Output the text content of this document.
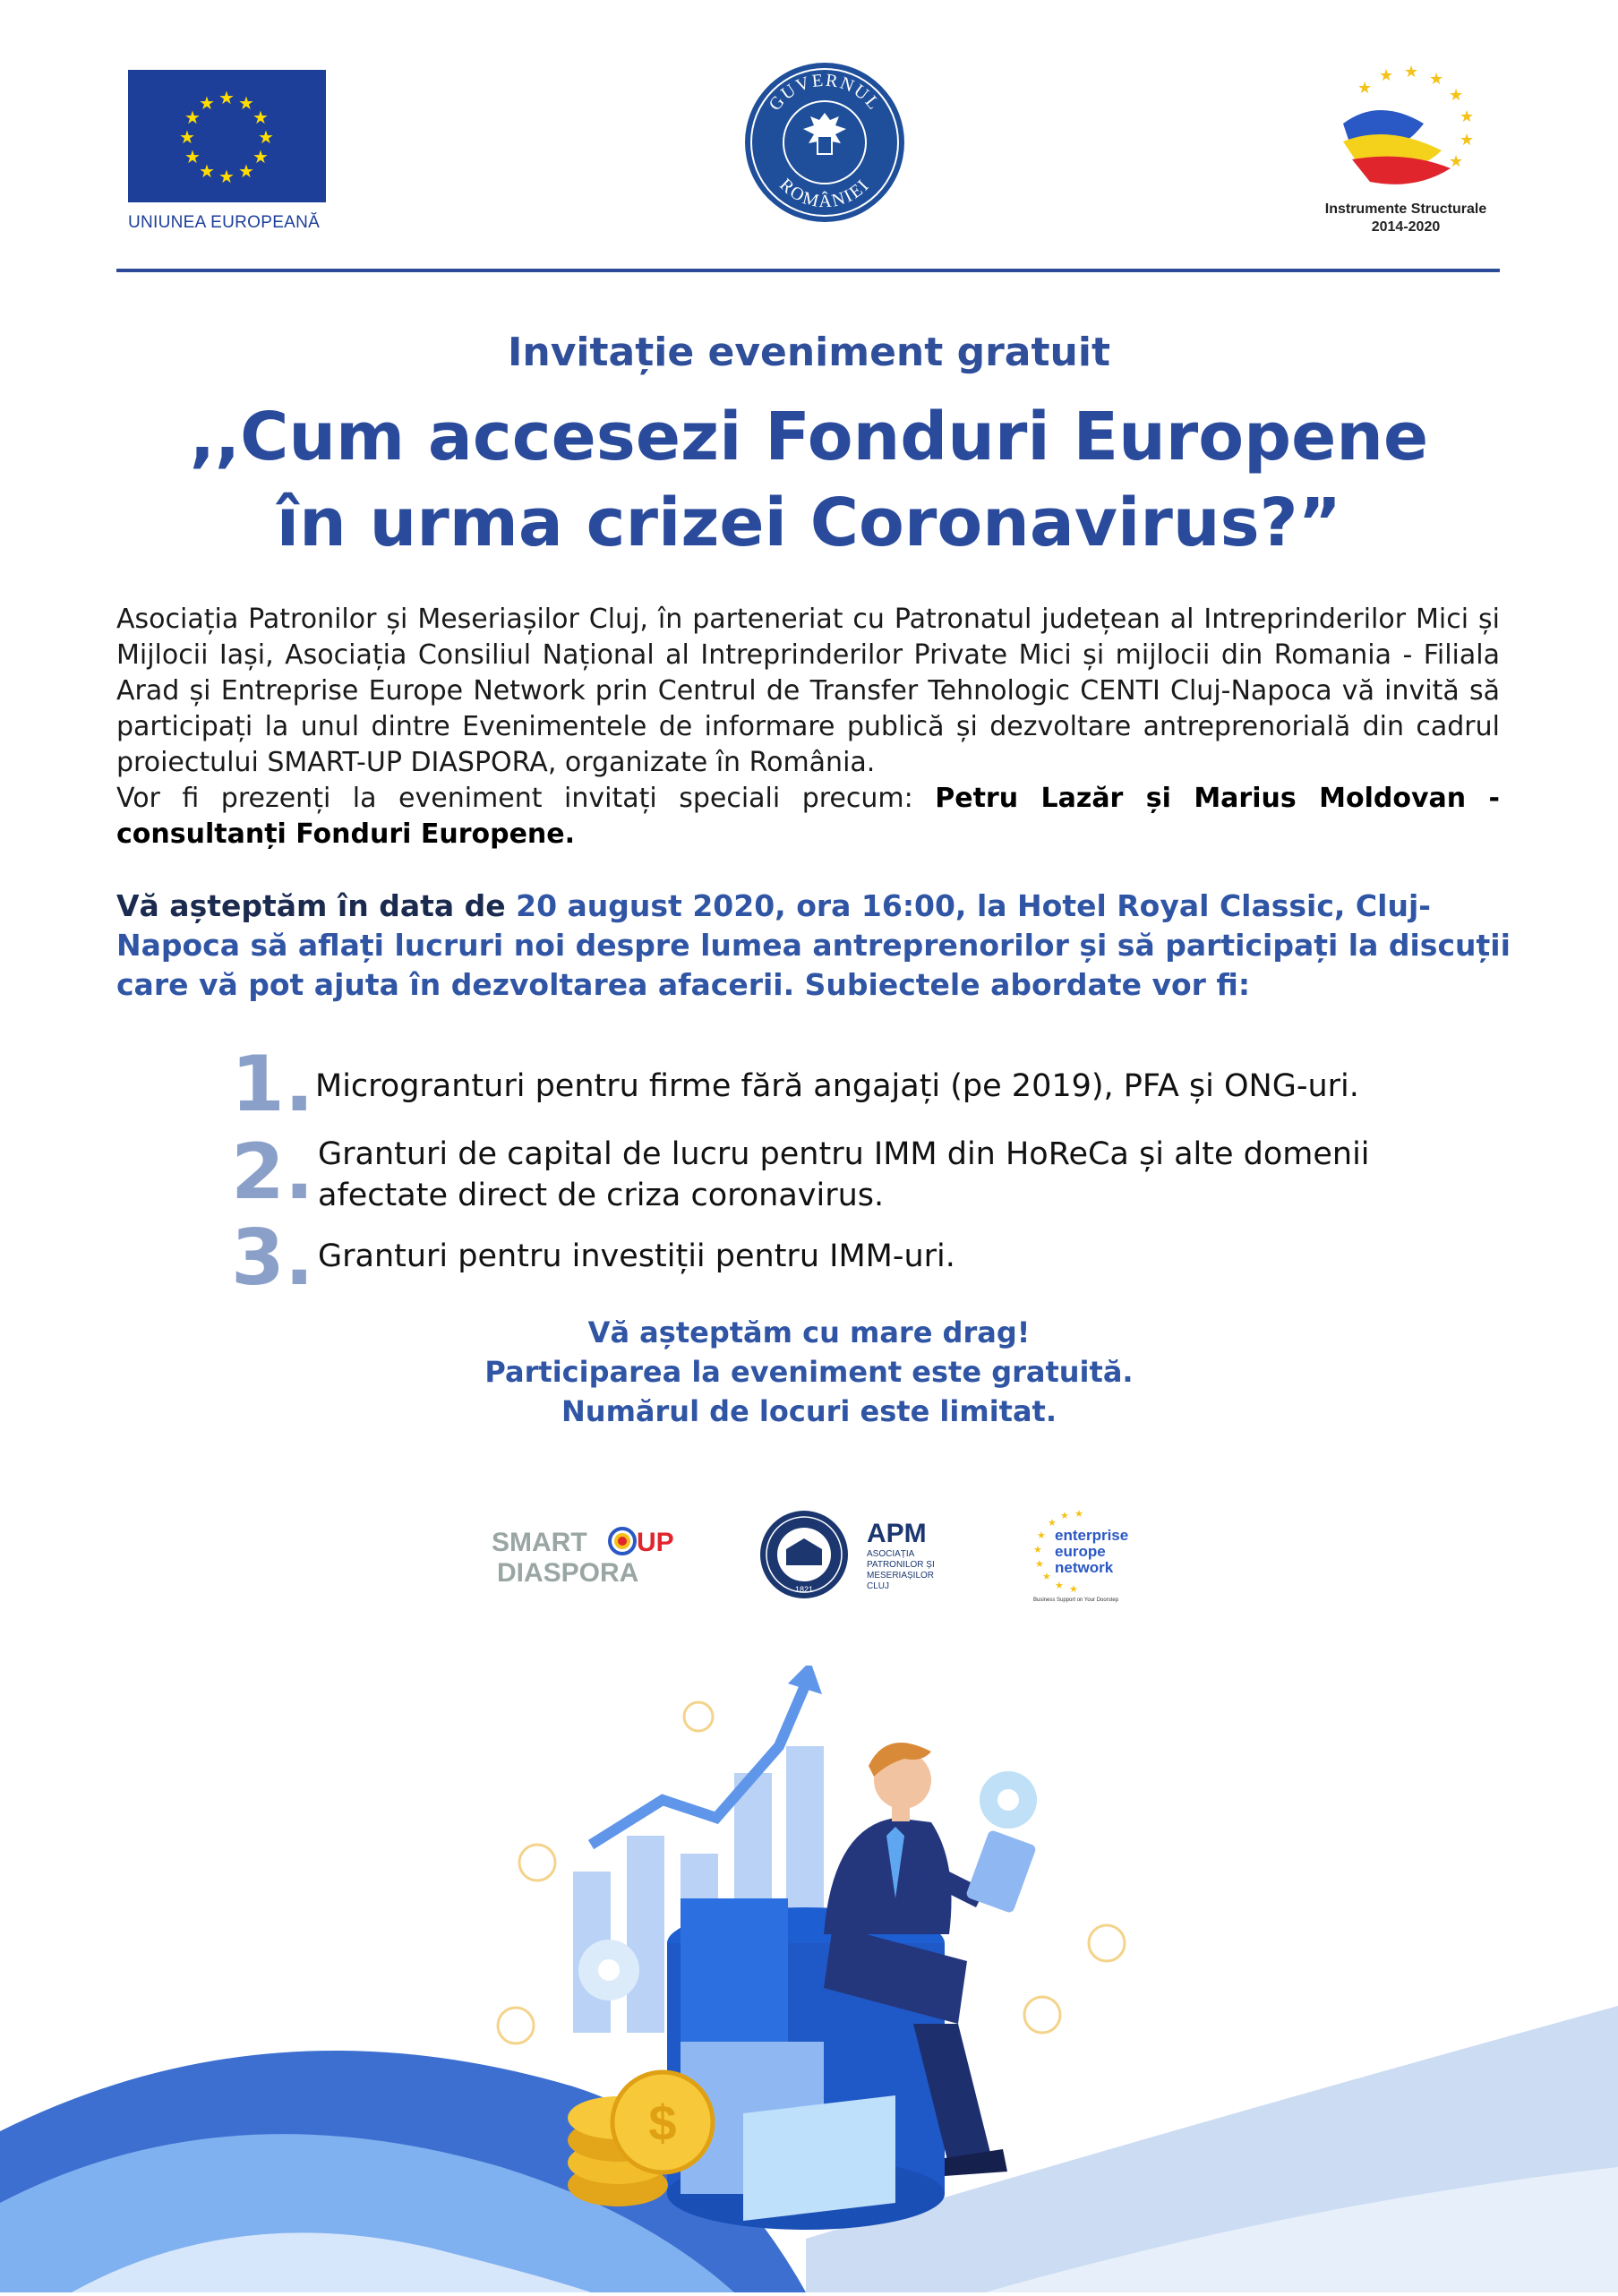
★ ★
★
★
★
★
★
★
★
★
★
★
UNIUNEA EUROPEANĂ
GUVERNUL
ROMÂNIEI
★ ★ ★
★
★
★
★
★
Instrumente Structurale
2014-2020
Invitație eveniment gratuit
,,Cum accesezi Fonduri Europene
în urma crizei Coronavirus?”

Asociația Patronilor și Meseriașilor Cluj, în parteneriat cu Patronatul județean al Intreprinderilor Mici și Mijlocii Iași, Asociația Consiliul Național al Intreprinderilor Private Mici și mijlocii din Romania - Filiala Arad și Entreprise Europe Network prin Centrul de Transfer Tehnologic CENTI Cluj-Napoca vă invită să participați la unul dintre Evenimentele de informare publică și dezvoltare antreprenorială din cadrul proiectului SMART-UP DIASPORA, organizate în România.

Vor fi prezenți la eveniment invitați speciali precum: Petru Lazăr și Marius Moldovan - consultanți Fonduri Europene.

Vă așteptăm în data de 20 august 2020, ora 16:00, la Hotel Royal Classic, Cluj-Napoca să aflați lucruri noi despre lumea antreprenorilor și să participați la discuții care vă pot ajuta în dezvoltarea afacerii. Subiectele abordate vor fi:
1. Microgranturi pentru firme fără angajați (pe 2019), PFA și ONG-uri.
2. Granturi de capital de lucru pentru IMM din HoReCa și alte domenii afectate direct de criza coronavirus.
3. Granturi pentru investiții pentru IMM-uri.
Vă așteptăm cu mare drag!
Participarea la eveniment este gratuită.
Numărul de locuri este limitat.
SMART UP
DIASPORA
1821
APM
ASOCIAȚIA
PATRONILOR ȘI
MESERIAȘILOR
CLUJ
★
★ ★
★
★
★
★
★ ★
enterprise
europe
network
Business Support on Your Doorstep
$
